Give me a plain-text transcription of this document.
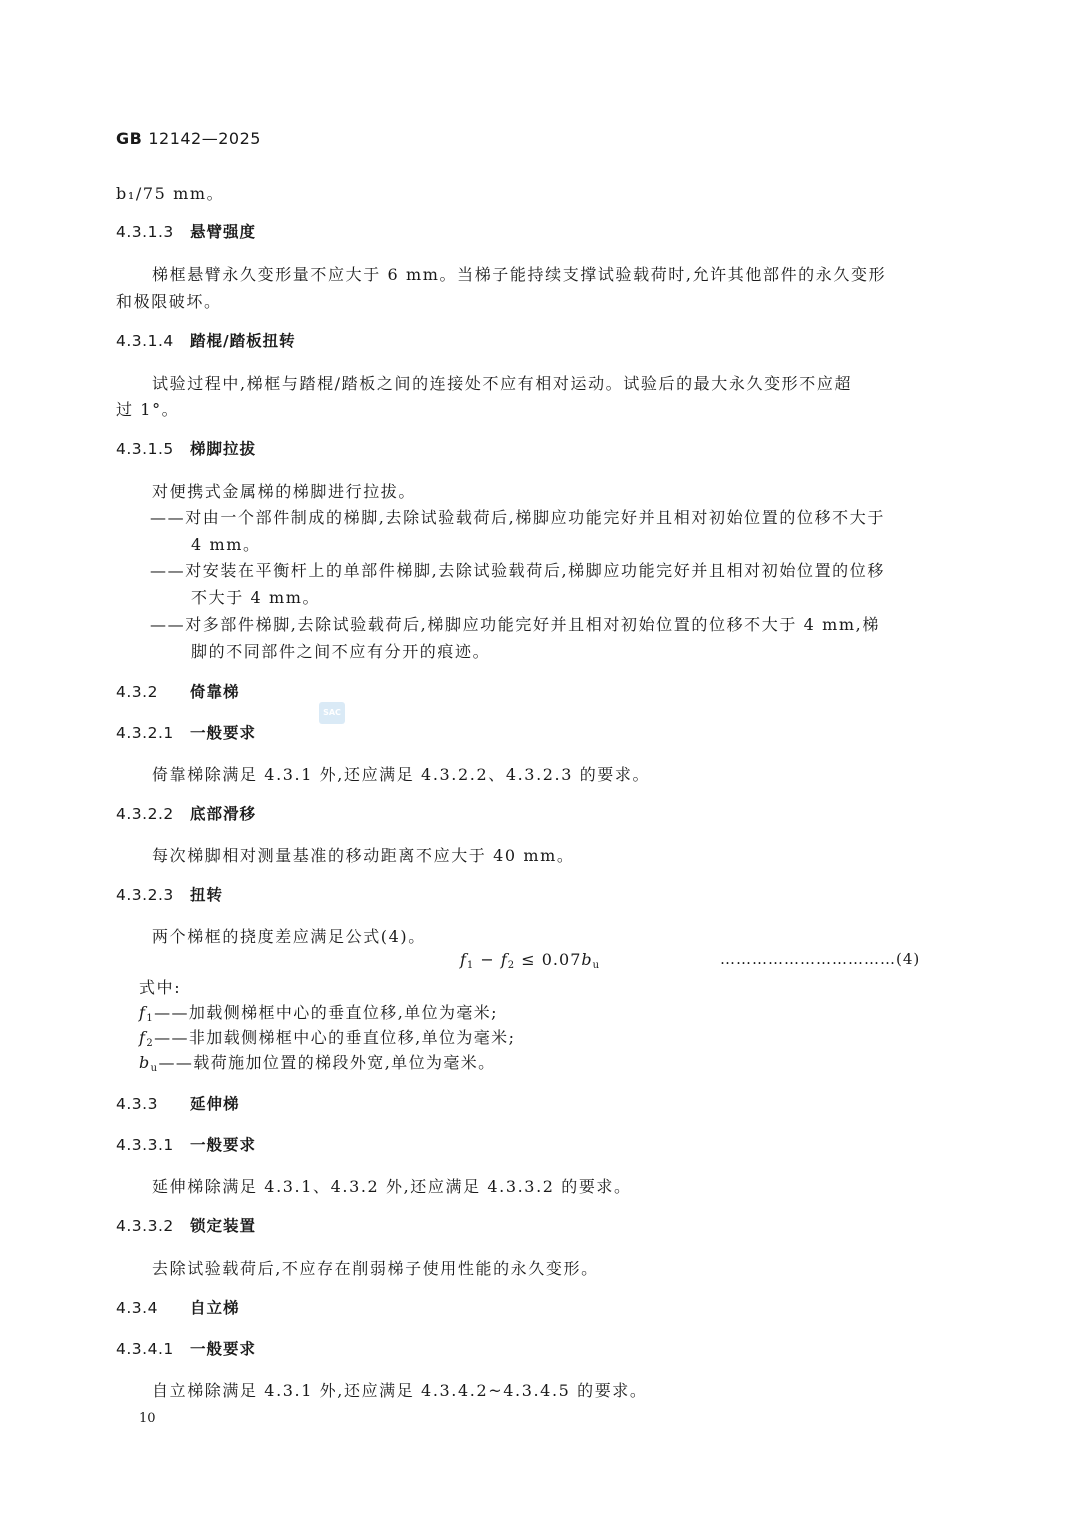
GB 12142—2025
b₁/75 mm。
4.3.1.3 悬臂强度
梯框悬臂永久变形量不应大于 6 mm。当梯子能持续支撑试验载荷时,允许其他部件的永久变形
和极限破坏。
4.3.1.4 踏棍/踏板扭转
试验过程中,梯框与踏棍/踏板之间的连接处不应有相对运动。试验后的最大永久变形不应超
过 1°。
4.3.1.5 梯脚拉拔
对便携式金属梯的梯脚进行拉拔。
——对由一个部件制成的梯脚,去除试验载荷后,梯脚应功能完好并且相对初始位置的位移不大于
4 mm。
——对安装在平衡杆上的单部件梯脚,去除试验载荷后,梯脚应功能完好并且相对初始位置的位移
不大于 4 mm。
——对多部件梯脚,去除试验载荷后,梯脚应功能完好并且相对初始位置的位移不大于 4 mm,梯
脚的不同部件之间不应有分开的痕迹。
4.3.2 倚靠梯
SAC
4.3.2.1 一般要求
倚靠梯除满足 4.3.1 外,还应满足 4.3.2.2、4.3.2.3 的要求。
4.3.2.2 底部滑移
每次梯脚相对测量基准的移动距离不应大于 40 mm。
4.3.2.3 扭转
两个梯框的挠度差应满足公式(4)。
$f_1 - f_2 \le 0.07b_u$	……………………………(4)
式中:
$f_1——$加载侧梯框中心的垂直位移,单位为毫米;
$f_2——$非加载侧梯框中心的垂直位移,单位为毫米;
$b_u——$载荷施加位置的梯段外宽,单位为毫米。
4.3.3 延伸梯
4.3.3.1 一般要求
延伸梯除满足 4.3.1、4.3.2 外,还应满足 4.3.3.2 的要求。
4.3.3.2 锁定装置
去除试验载荷后,不应存在削弱梯子使用性能的永久变形。
4.3.4 自立梯
4.3.4.1 一般要求
自立梯除满足 4.3.1 外,还应满足 4.3.4.2~4.3.4.5 的要求。
10
